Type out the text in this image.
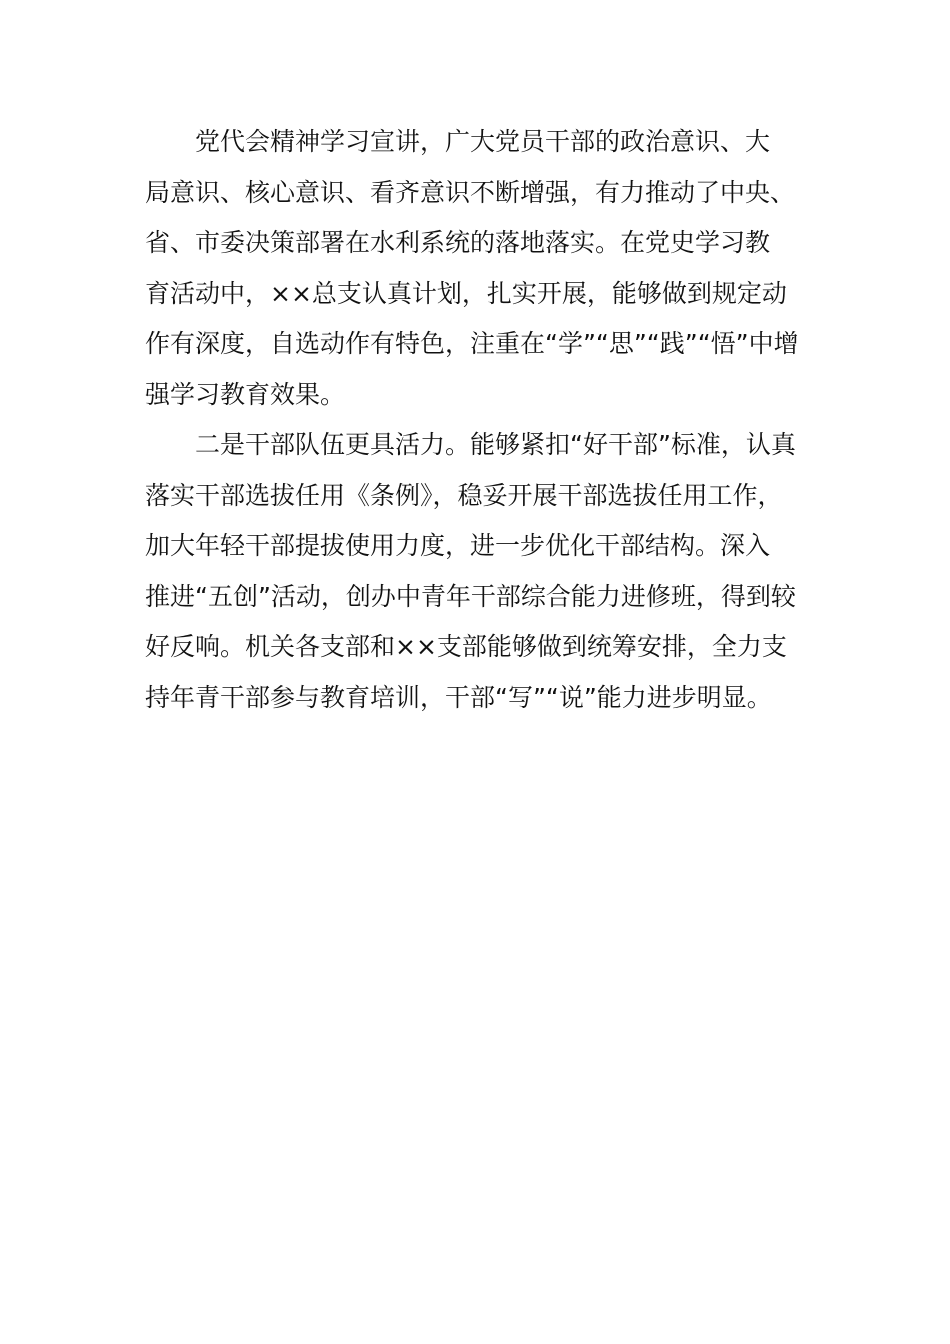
党代会精神学习宣讲，广大党员干部的政治意识、大
局意识、核心意识、看齐意识不断增强，有力推动了中央、
省、市委决策部署在水利系统的落地落实。在党史学习教
育活动中，××总支认真计划，扎实开展，能够做到规定动
作有深度，自选动作有特色，注重在“学”“思”“践”“悟”中增
强学习教育效果。
二是干部队伍更具活力。能够紧扣“好干部”标准，认真
落实干部选拔任用《条例》，稳妥开展干部选拔任用工作，
加大年轻干部提拔使用力度，进一步优化干部结构。深入
推进“五创”活动，创办中青年干部综合能力进修班，得到较
好反响。机关各支部和××支部能够做到统筹安排，全力支
持年青干部参与教育培训，干部“写”“说”能力进步明显。
